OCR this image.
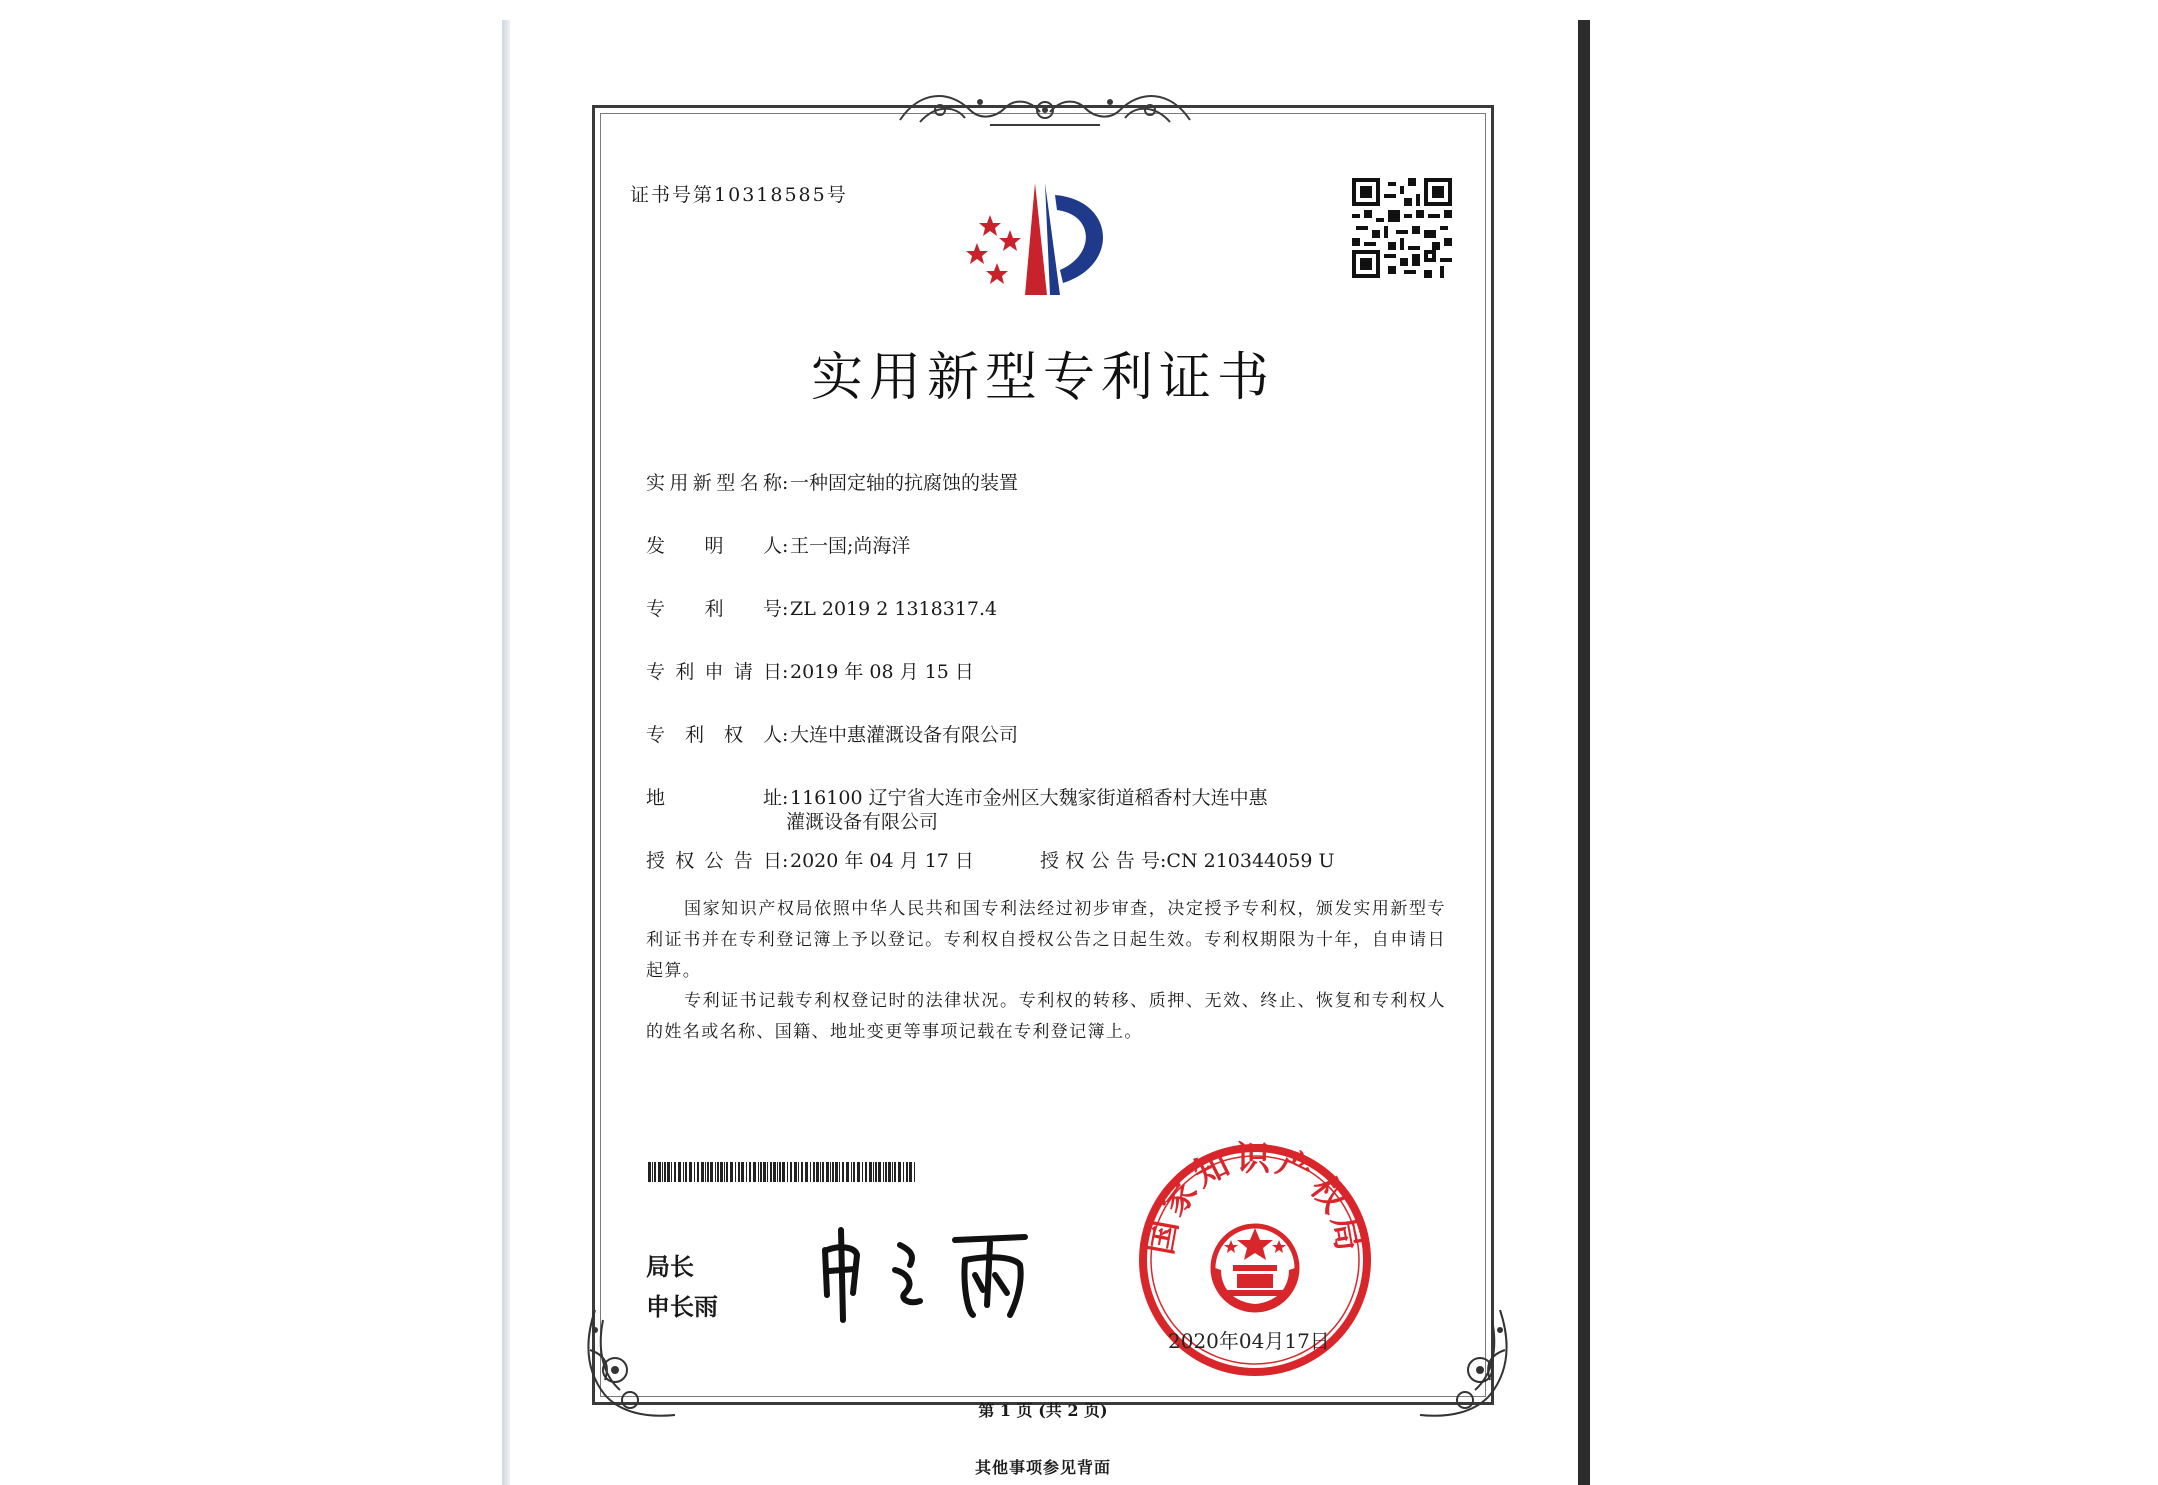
证书号第10318585号
实用新型专利证书
实用新型名称:一种固定轴的抗腐蚀的装置
发明人:王一国;尚海洋
专利号:ZL 2019 2 1318317.4
专利申请日:2019 年 08 月 15 日
专利权人:大连中惠灌溉设备有限公司
地址:116100 辽宁省大连市金州区大魏家街道稻香村大连中惠
灌溉设备有限公司
授权公告日:2020 年 04 月 17 日	授权公告号:CN 210344059 U
国家知识产权局依照中华人民共和国专利法经过初步审查，决定授予专利权，颁发实用新型专利证书并在专利登记簿上予以登记。专利权自授权公告之日起生效。专利权期限为十年，自申请日起算。
专利证书记载专利权登记时的法律状况。专利权的转移、质押、无效、终止、恢复和专利权人的姓名或名称、国籍、地址变更等事项记载在专利登记簿上。
局长
申长雨
国家知识产权局
2020年04月17日
第 1 页 (共 2 页)
其他事项参见背面
